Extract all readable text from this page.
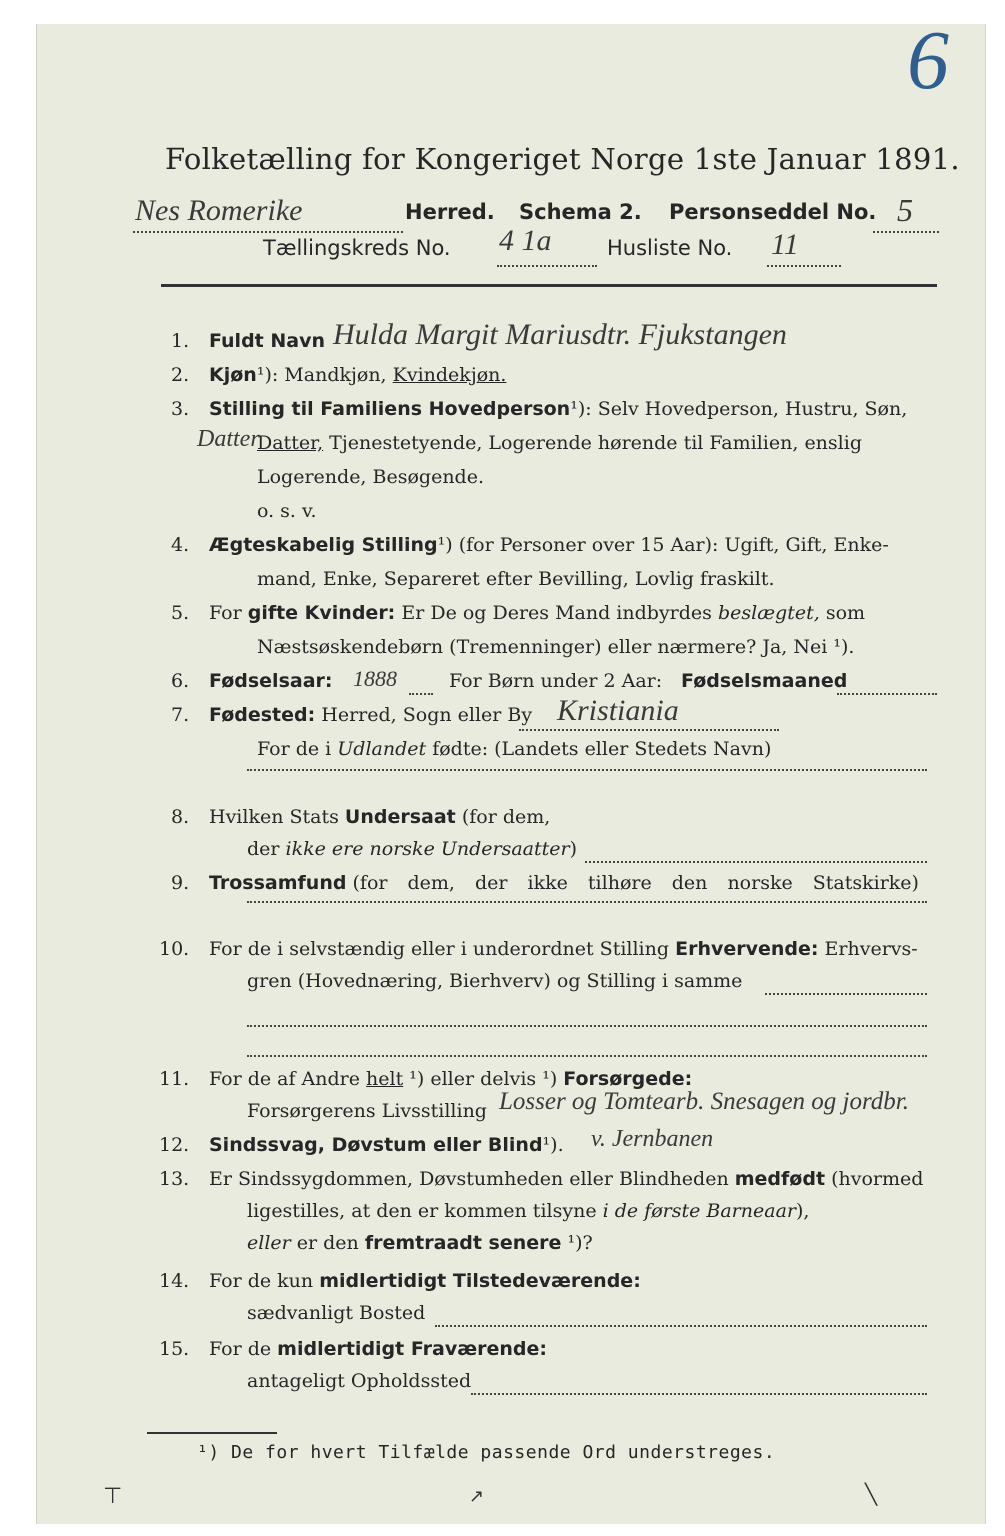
6
Folketælling for Kongeriget Norge 1ste Januar 1891.
Nes Romerike	Herred. Schema 2. Personseddel No. 5
Tællingskreds No. 4 1a	Husliste No. 11
1. Fuldt Navn Hulda Margit Mariusdtr. Fjukstangen
2. Kjøn¹): Mandkjøn, Kvindekjøn.
3. Stilling til Familiens Hovedperson¹): Selv Hovedperson, Hustru, Søn,
Datter
Datter, Tjenestetyende, Logerende hørende til Familien, enslig
Logerende, Besøgende.
o. s. v.
4. Ægteskabelig Stilling¹) (for Personer over 15 Aar): Ugift, Gift, Enke-
mand, Enke, Separeret efter Bevilling, Lovlig fraskilt.
5. For gifte Kvinder: Er De og Deres Mand indbyrdes beslægtet, som
Næstsøskendebørn (Tremenninger) eller nærmere? Ja, Nei ¹).
6. Fødselsaar: 1888	For Børn under 2 Aar: Fødselsmaaned
7. Fødested: Herred, Sogn eller By Kristiania
For de i Udlandet fødte: (Landets eller Stedets Navn)
8. Hvilken Stats Undersaat (for dem,
der ikke ere norske Undersaatter)
9. Trossamfund (for dem, der ikke tilhøre den norske Statskirke)
10. For de i selvstændig eller i underordnet Stilling Erhvervende: Erhvervs-
gren (Hovednæring, Bierhverv) og Stilling i samme
11. For de af Andre helt ¹) eller delvis ¹) Forsørgede:
Forsørgerens Livsstilling Losser og Tomtearb. Snesagen og jordbr.
12. Sindssvag, Døvstum eller Blind¹). v. Jernbanen
13. Er Sindssygdommen, Døvstumheden eller Blindheden medfødt (hvormed
ligestilles, at den er kommen tilsyne i de første Barneaar),
eller er den fremtraadt senere ¹)?
14. For de kun midlertidigt Tilstedeværende:
sædvanligt Bosted
15. For de midlertidigt Fraværende:
antageligt Opholdssted
¹) De for hvert Tilfælde passende Ord understreges.
⊤	↗	╲
